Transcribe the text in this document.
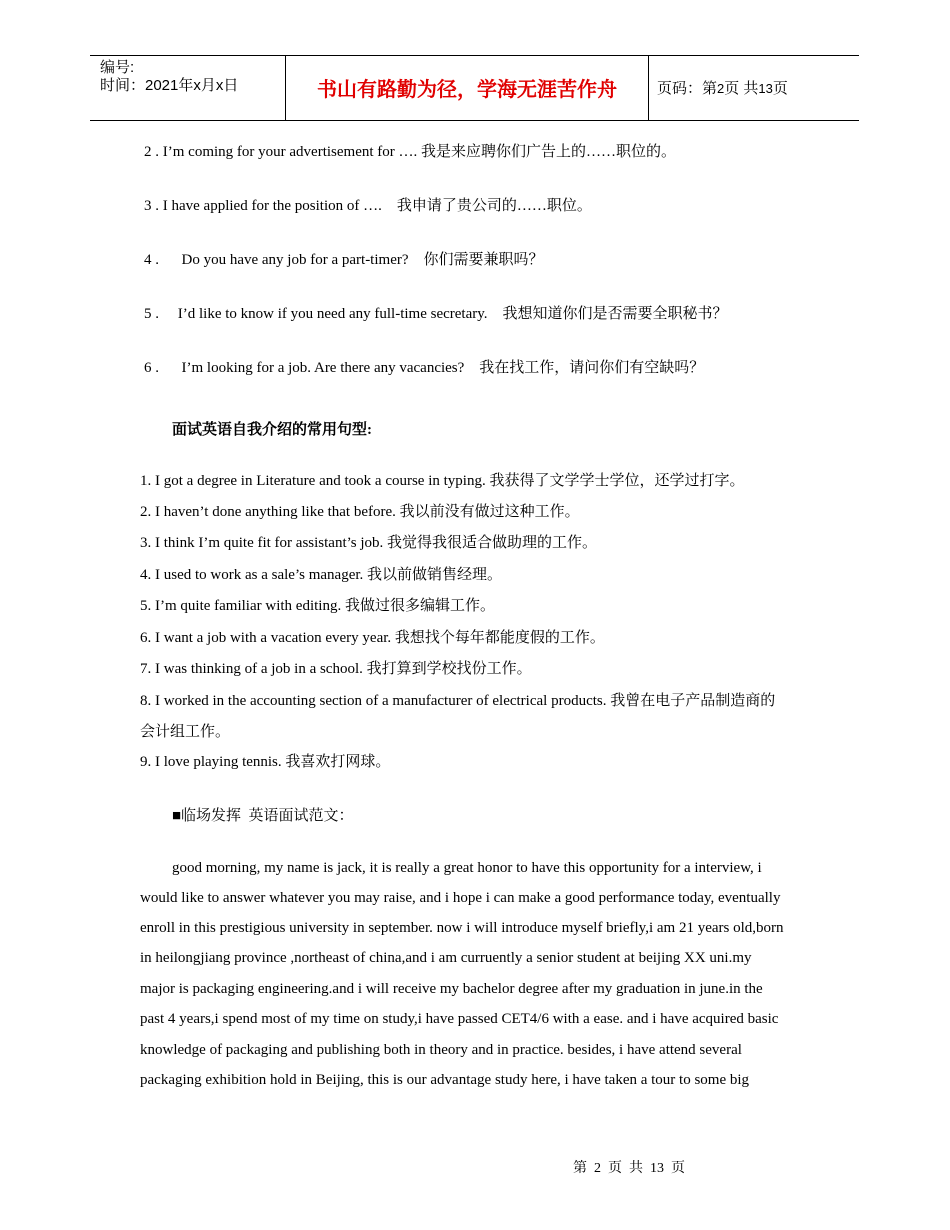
编号:
时间：2021年x月x日	书山有路勤为径，学海无涯苦作舟	页码：第2页 共13页
2 . I’m coming for your advertisement for …. 我是来应聘你们广告上的……职位的。
3 . I have applied for the position of ….    我申请了贵公司的……职位。
4 .      Do you have any job for a part-timer?    你们需要兼职吗？
5 .     I’d like to know if you need any full-time secretary.    我想知道你们是否需要全职秘书？
6 .      I’m looking for a job. Are there any vacancies?    我在找工作，请问你们有空缺吗？
面试英语自我介绍的常用句型:
1. I got a degree in Literature and took a course in typing. 我获得了文学学士学位，还学过打字。
2. I haven’t done anything like that before. 我以前没有做过这种工作。
3. I think I’m quite fit for assistant’s job. 我觉得我很适合做助理的工作。
4. I used to work as a sale’s manager. 我以前做销售经理。
5. I’m quite familiar with editing. 我做过很多编辑工作。
6. I want a job with a vacation every year. 我想找个每年都能度假的工作。
7. I was thinking of a job in a school. 我打算到学校找份工作。
8. I worked in the accounting section of a manufacturer of electrical products. 我曾在电子产品制造商的
会计组工作。
9. I love playing tennis. 我喜欢打网球。
■临场发挥  英语面试范文：
good morning, my name is jack, it is really a great honor to have this opportunity for a interview, i
would like to answer whatever you may raise, and i hope i can make a good performance today, eventually
enroll in this prestigious university in september. now i will introduce myself briefly,i am 21 years old,born
in heilongjiang province ,northeast of china,and i am curruently a senior student at beijing XX uni.my
major is packaging engineering.and i will receive my bachelor degree after my graduation in june.in the
past 4 years,i spend most of my time on study,i have passed CET4/6 with a ease. and i have acquired basic
knowledge of packaging and publishing both in theory and in practice. besides, i have attend several
packaging exhibition hold in Beijing, this is our advantage study here, i have taken a tour to some big
第  2  页  共  13  页
